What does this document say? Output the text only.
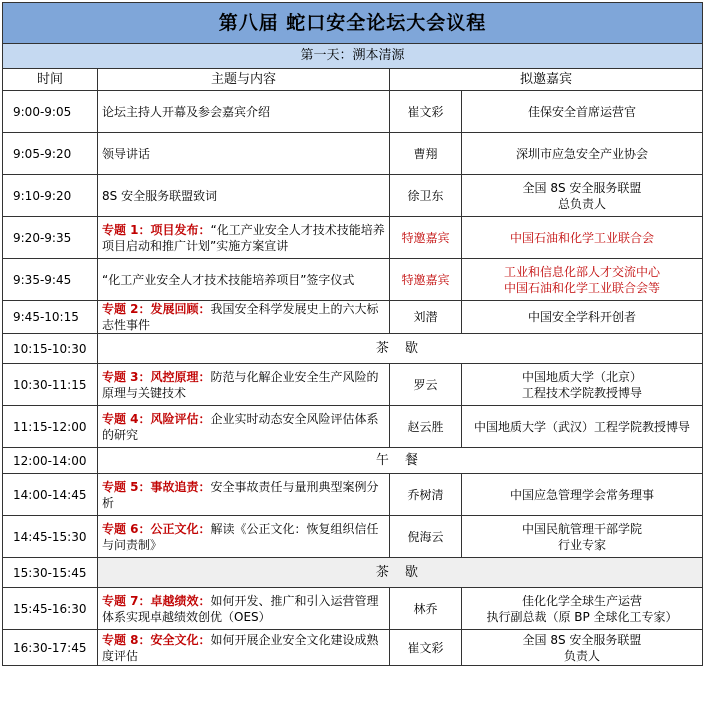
第八届 蛇口安全论坛大会议程			
第一天：溯本清源			
时间	主题与内容	拟邀嘉宾	
9:00-9:05	论坛主持人开幕及参会嘉宾介绍	崔文彩	佳保安全首席运营官
9:05-9:20	领导讲话	曹翔	深圳市应急安全产业协会
9:10-9:20	8S 安全服务联盟致词	徐卫东	全国 8S 安全服务联盟
总负责人
9:20-9:35	专题 1：项目发布：“化工产业安全人才技术技能培养项目启动和推广计划”实施方案宣讲	特邀嘉宾	中国石油和化学工业联合会
9:35-9:45	“化工产业安全人才技术技能培养项目”签字仪式	特邀嘉宾	工业和信息化部人才交流中心
中国石油和化学工业联合会等
9:45-10:15	专题 2：发展回顾：我国安全科学发展史上的六大标志性事件	刘潜	中国安全学科开创者
10:15-10:30	茶 歇		
10:30-11:15	专题 3：风控原理：防范与化解企业安全生产风险的原理与关键技术	罗云	中国地质大学（北京）
工程技术学院教授博导
11:15-12:00	专题 4：风险评估：企业实时动态安全风险评估体系的研究	赵云胜	中国地质大学（武汉）工程学院教授博导
12:00-14:00	午 餐		
14:00-14:45	专题 5：事故追责：安全事故责任与量刑典型案例分析	乔树清	中国应急管理学会常务理事
14:45-15:30	专题 6：公正文化：解读《公正文化：恢复组织信任与问责制》	倪海云	中国民航管理干部学院
行业专家
15:30-15:45	茶 歇		
15:45-16:30	专题 7：卓越绩效：如何开发、推广和引入运营管理体系实现卓越绩效创优（OES）	林乔	佳化化学全球生产运营
执行副总裁（原 BP 全球化工专家）
16:30-17:45	专题 8：安全文化：如何开展企业安全文化建设成熟度评估	崔文彩	全国 8S 安全服务联盟
负责人
